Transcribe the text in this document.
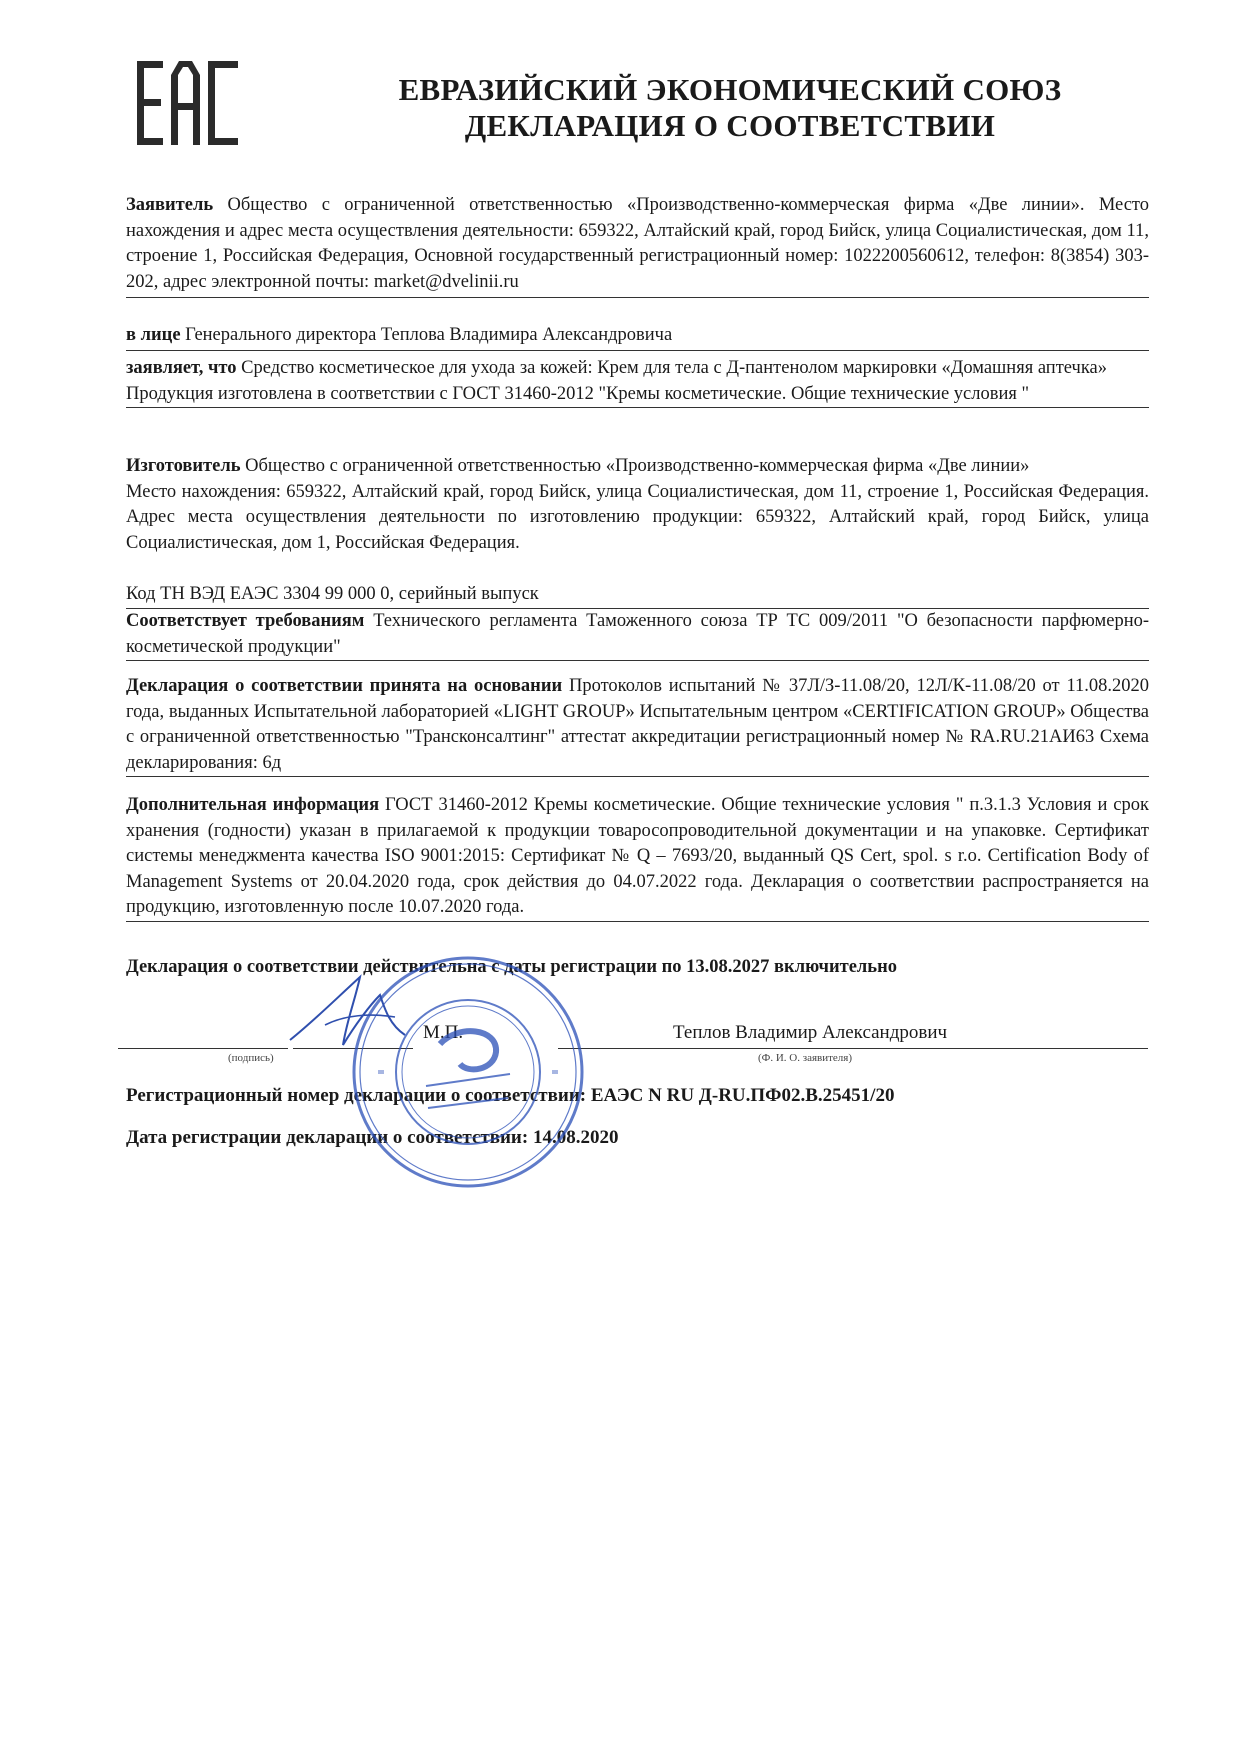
ЕВРАЗИЙСКИЙ ЭКОНОМИЧЕСКИЙ СОЮЗ
ДЕКЛАРАЦИЯ О СООТВЕТСТВИИ

Заявитель Общество с ограниченной ответственностью «Производственно-коммерческая фирма «Две линии». Место нахождения и адрес места осуществления деятельности: 659322, Алтайский край, город Бийск, улица Социалистическая, дом 11, строение 1, Российская Федерация, Основной государственный регистрационный номер: 1022200560612, телефон: 8(3854) 303-202, адрес электронной почты: market@dvelinii.ru

в лице Генерального директора Теплова Владимира Александровича

заявляет, что Средство косметическое для ухода за кожей: Крем для тела с Д-пантенолом маркировки «Домашняя аптечка»

Продукция изготовлена в соответствии с ГОСТ 31460-2012 "Кремы косметические. Общие технические условия "

Изготовитель Общество с ограниченной ответственностью «Производственно-коммерческая фирма «Две линии»

Место нахождения: 659322, Алтайский край, город Бийск, улица Социалистическая, дом 11, строение 1, Российская Федерация. Адрес места осуществления деятельности по изготовлению продукции: 659322, Алтайский край, город Бийск, улица Социалистическая, дом 1, Российская Федерация.

Код ТН ВЭД ЕАЭС 3304 99 000 0, серийный выпуск

Соответствует требованиям Технического регламента Таможенного союза ТР ТС 009/2011 "О безопасности парфюмерно-косметической продукции"

Декларация о соответствии принята на основании Протоколов испытаний № 37Л/З-11.08/20, 12Л/К-11.08/20 от 11.08.2020 года, выданных Испытательной лабораторией «LIGHT GROUP» Испытательным центром «CERTIFICATION GROUP» Общества с ограниченной ответственностью "Трансконсалтинг" аттестат аккредитации регистрационный номер № RA.RU.21АИ63 Схема декларирования: 6д

Дополнительная информация ГОСТ 31460-2012 Кремы косметические. Общие технические условия " п.3.1.3 Условия и срок хранения (годности) указан в прилагаемой к продукции товаросопроводительной документации и на упаковке. Сертификат системы менеджмента качества ISO 9001:2015: Сертификат № Q – 7693/20, выданный QS Cert, spol. s r.o. Certification Body of Management Systems от 20.04.2020 года, срок действия до 04.07.2022 года. Декларация о соответствии распространяется на продукцию, изготовленную после 10.07.2020 года.

Декларация о соответствии действительна с даты регистрации по 13.08.2027 включительно
(подпись)
М.П.	Теплов Владимир Александрович
(Ф. И. О. заявителя)
Регистрационный номер декларации о соответствии: ЕАЭС N RU Д-RU.ПФ02.В.25451/20
Дата регистрации декларации о соответствии: 14.08.2020
